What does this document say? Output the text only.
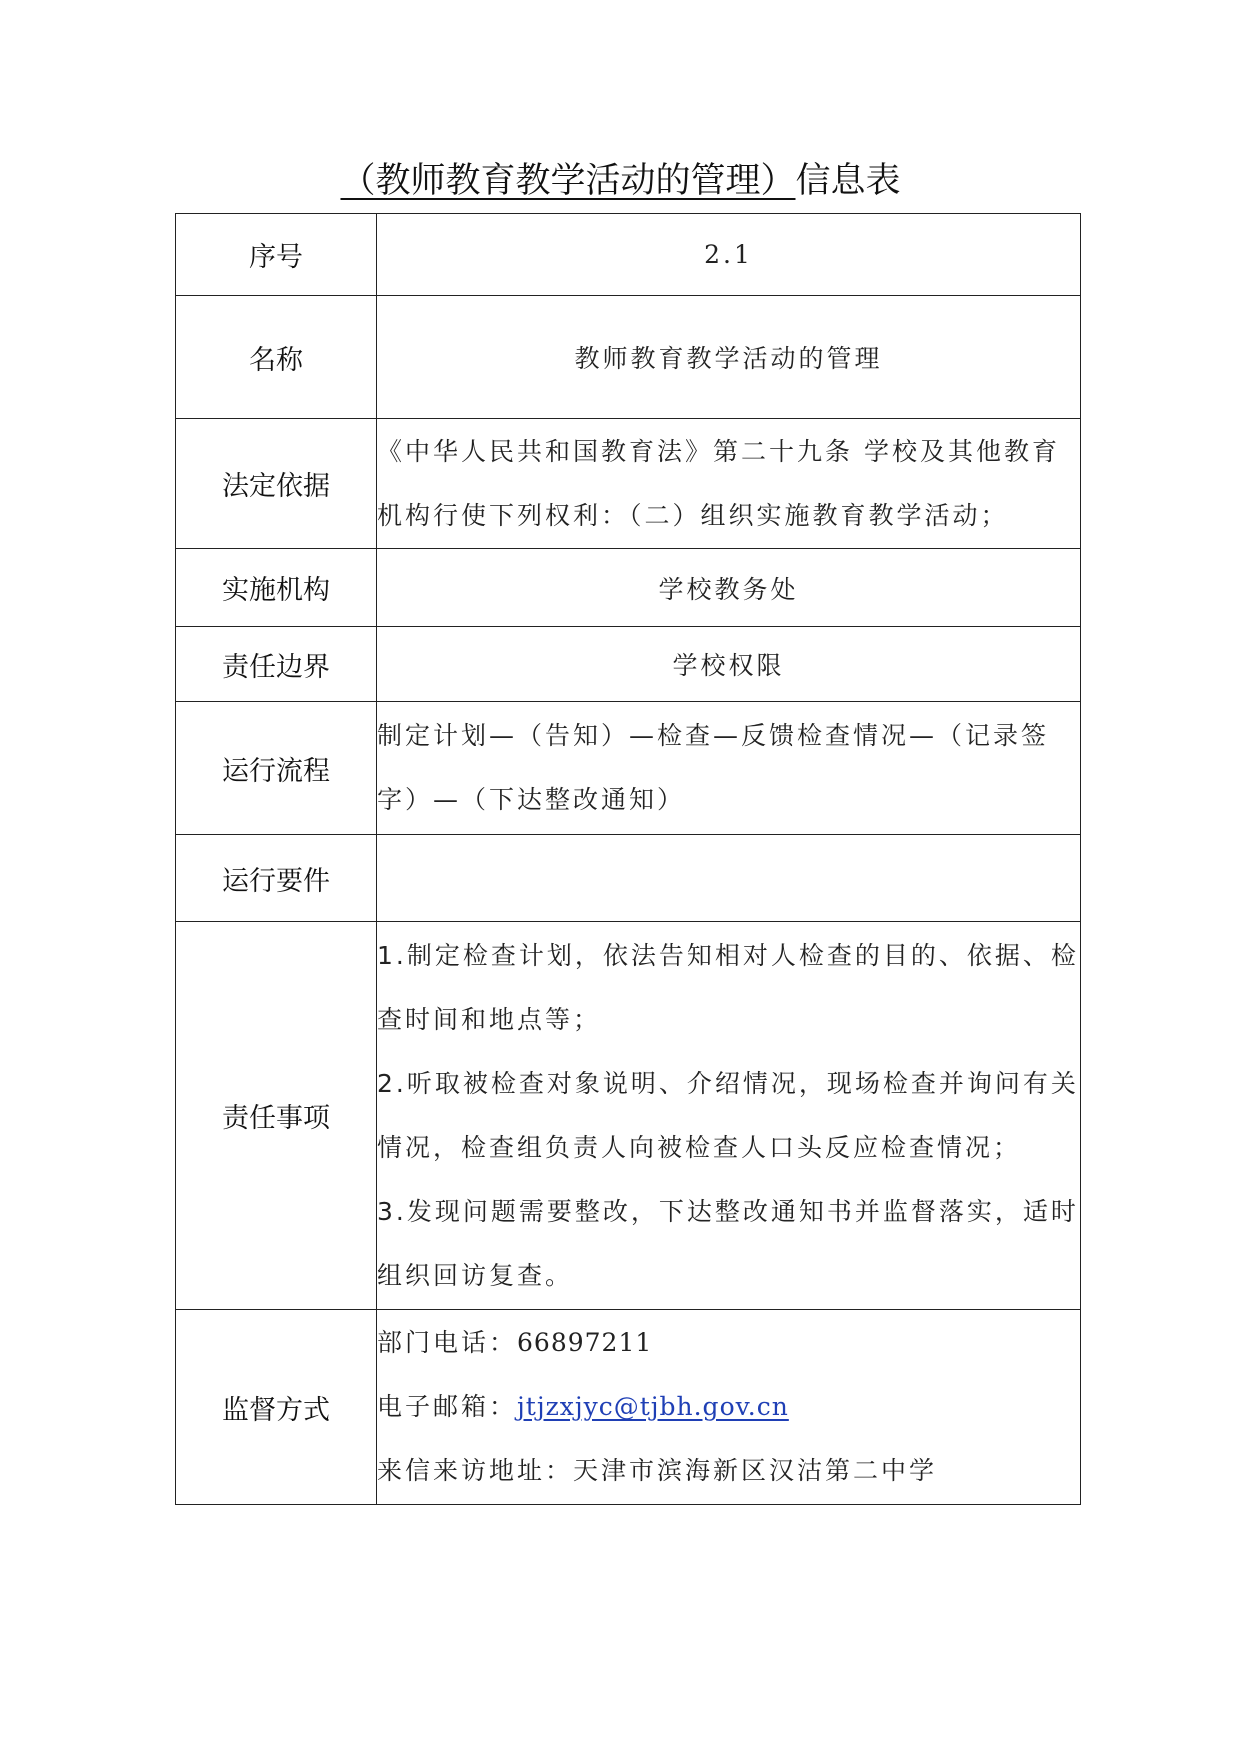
（教师教育教学活动的管理）信息表
序号	2.1
名称	教师教育教学活动的管理
法定依据	《中华人民共和国教育法》第二十九条 学校及其他教育机构行使下列权利：（二）组织实施教育教学活动；
实施机构	学校教务处
责任边界	学校权限
运行流程	制定计划—（告知）—检查—反馈检查情况—（记录签字）—（下达整改通知）
运行要件	
责任事项	1.制定检查计划，依法告知相对人检查的目的、依据、检查时间和地点等；
2.听取被检查对象说明、介绍情况，现场检查并询问有关情况，检查组负责人向被检查人口头反应检查情况；
3.发现问题需要整改，下达整改通知书并监督落实，适时组织回访复查。

监督方式	部门电话：66897211
电子邮箱：jtjzxjyc@tjbh.gov.cn
来信来访地址：天津市滨海新区汉沽第二中学
